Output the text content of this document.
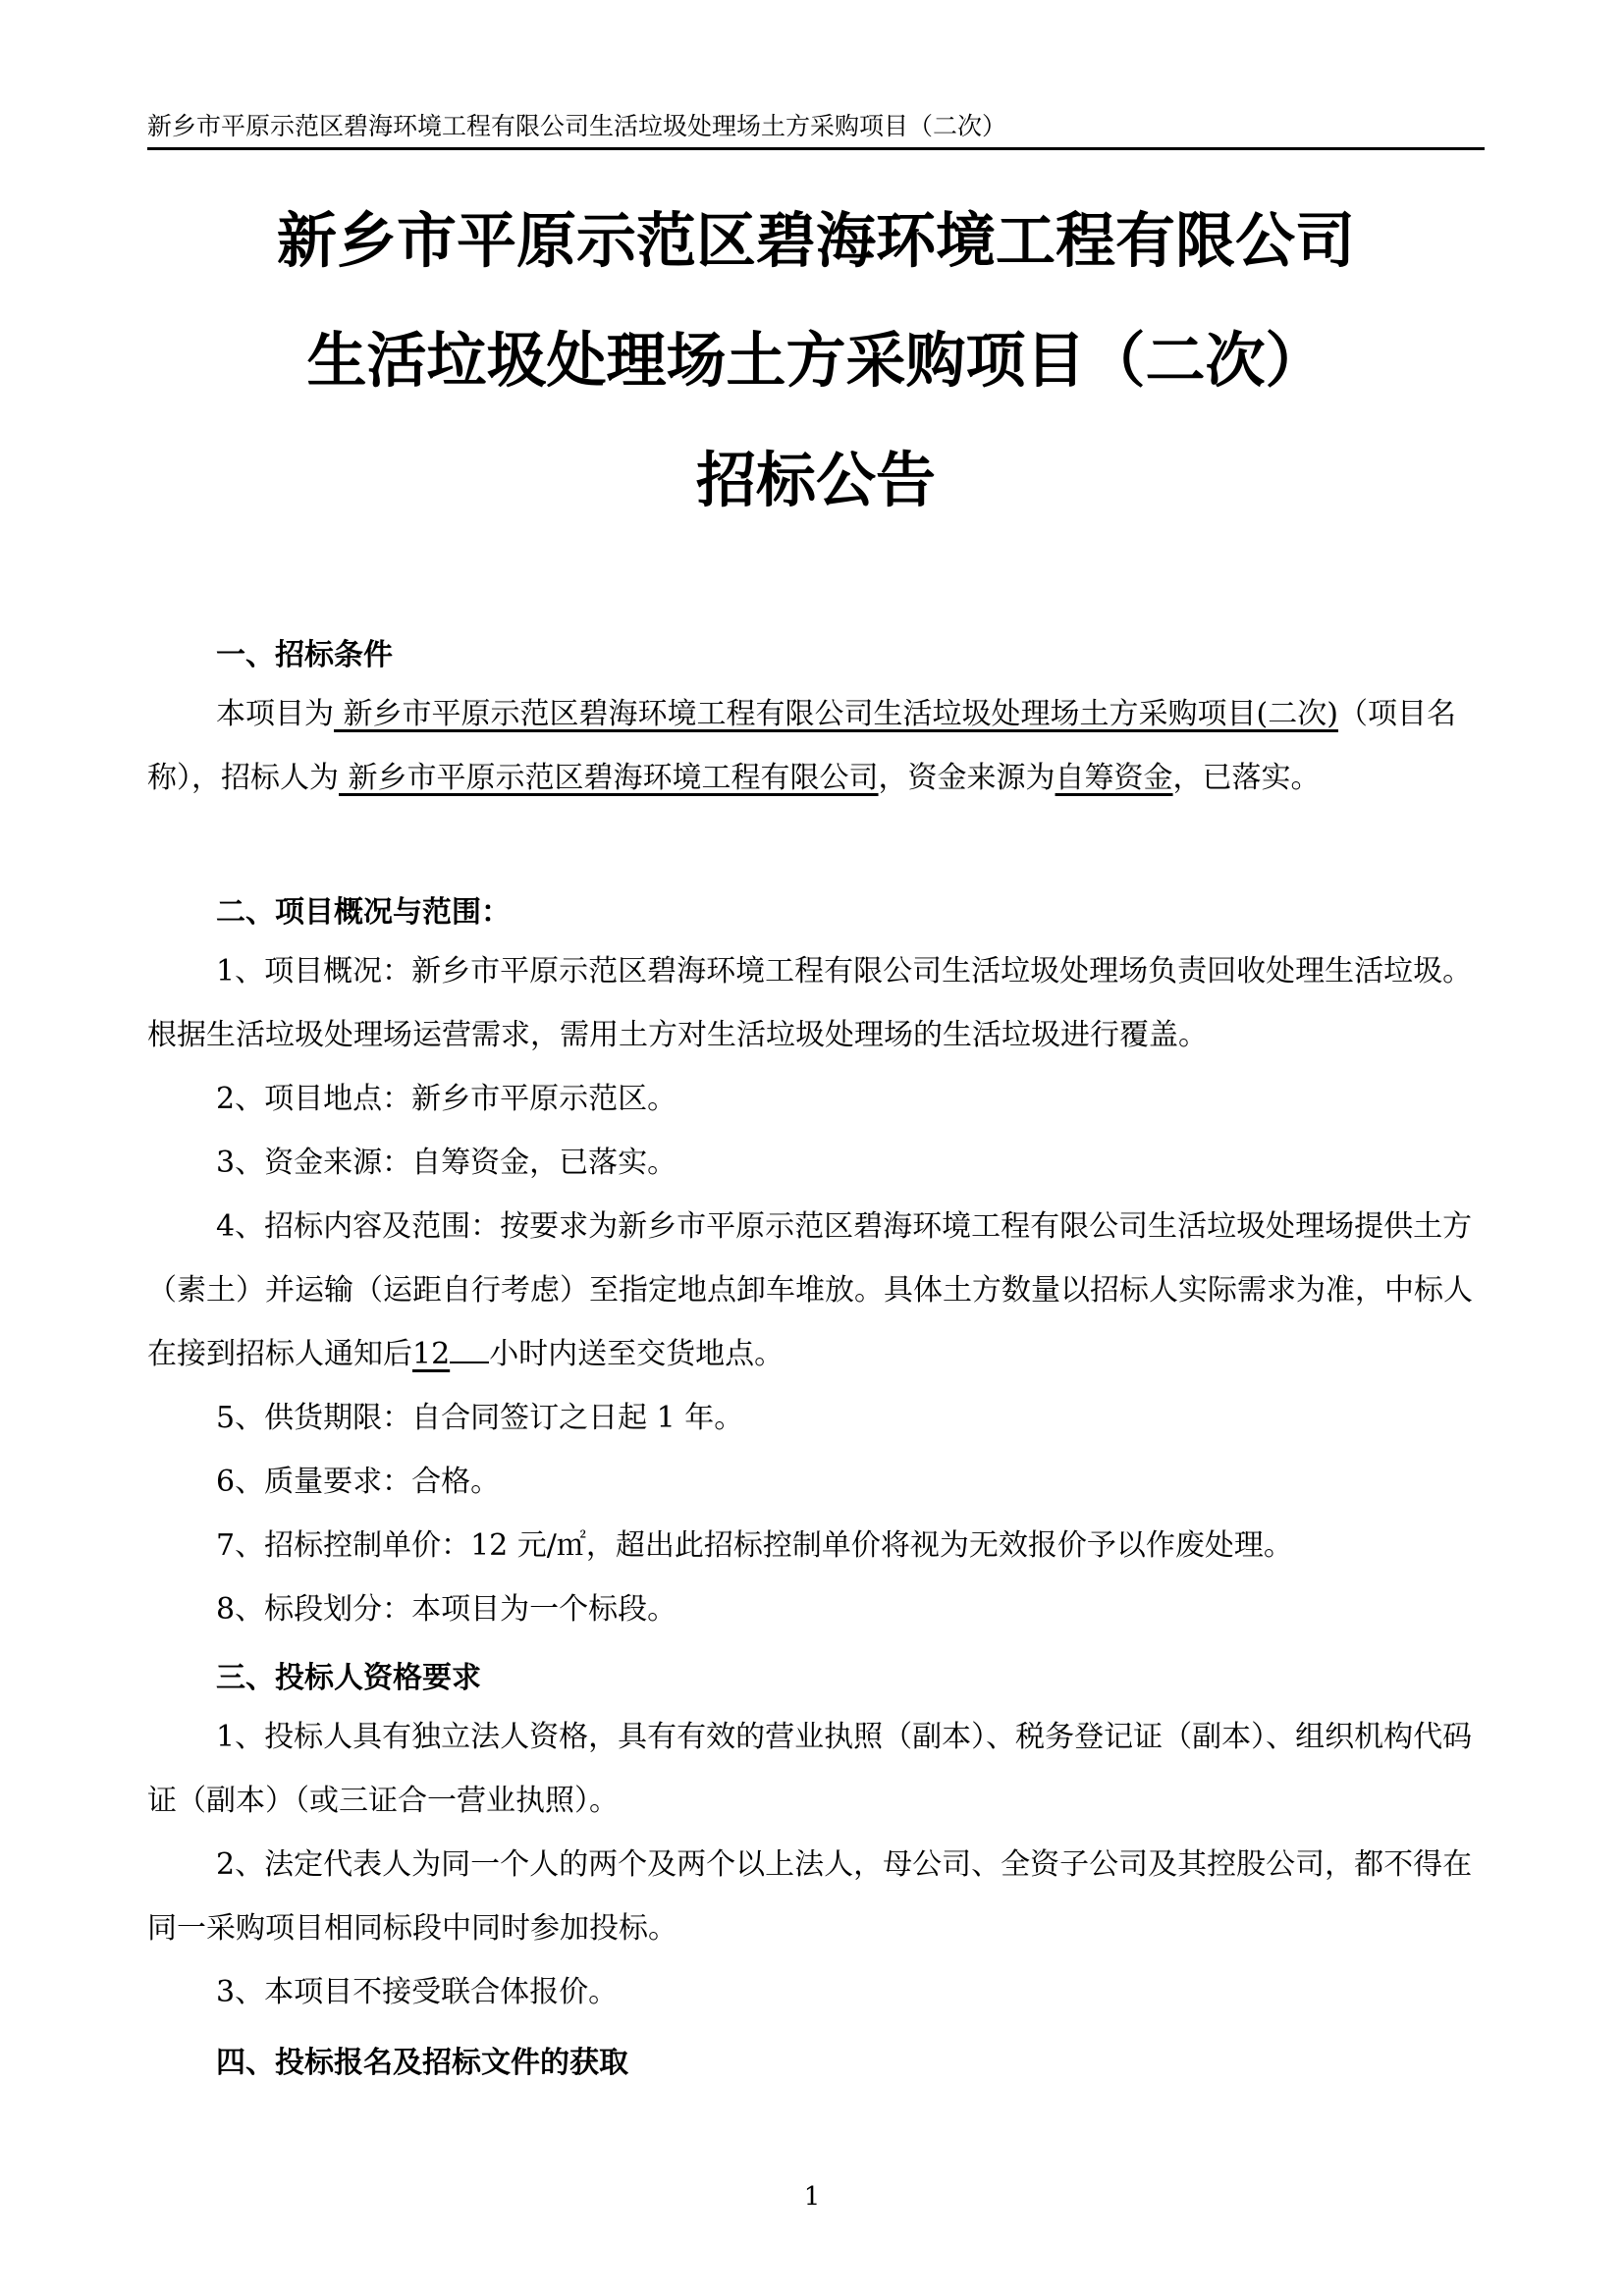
新乡市平原示范区碧海环境工程有限公司生活垃圾处理场土方采购项目（二次）
新乡市平原示范区碧海环境工程有限公司
生活垃圾处理场土方采购项目（二次）
招标公告
一、招标条件

本项目为 新乡市平原示范区碧海环境工程有限公司生活垃圾处理场土方采购项目(二次)（项目名称），招标人为 新乡市平原示范区碧海环境工程有限公司，资金来源为自筹资金，已落实。

二、项目概况与范围：

1、项目概况：新乡市平原示范区碧海环境工程有限公司生活垃圾处理场负责回收处理生活垃圾。根据生活垃圾处理场运营需求，需用土方对生活垃圾处理场的生活垃圾进行覆盖。

2、项目地点：新乡市平原示范区。

3、资金来源：自筹资金，已落实。

4、招标内容及范围：按要求为新乡市平原示范区碧海环境工程有限公司生活垃圾处理场提供土方（素土）并运输（运距自行考虑）至指定地点卸车堆放。具体土方数量以招标人实际需求为准，中标人在接到招标人通知后12 小时内送至交货地点。

5、供货期限：自合同签订之日起 1 年。

6、质量要求：合格。

7、招标控制单价：12 元/㎡，超出此招标控制单价将视为无效报价予以作废处理。

8、标段划分：本项目为一个标段。

三、投标人资格要求

1、投标人具有独立法人资格，具有有效的营业执照（副本）、税务登记证（副本）、组织机构代码证（副本）（或三证合一营业执照）。

2、法定代表人为同一个人的两个及两个以上法人，母公司、全资子公司及其控股公司，都不得在同一采购项目相同标段中同时参加投标。

3、本项目不接受联合体报价。

四、投标报名及招标文件的获取
1
